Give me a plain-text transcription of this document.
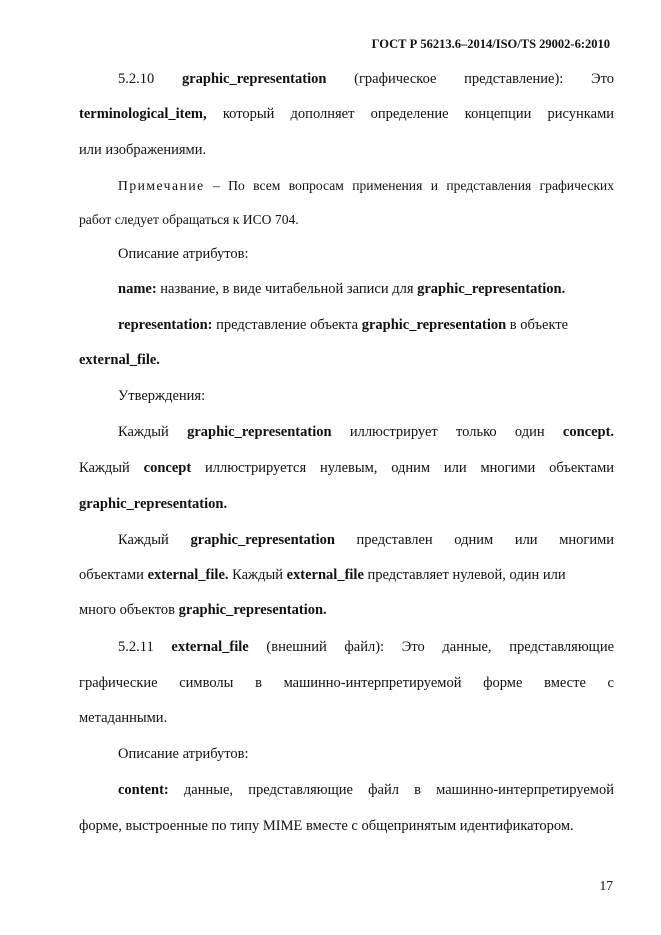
ГОСТ Р 56213.6–2014/ISO/TS 29002-6:2010
5.2.10 graphic_representation (графическое представление): Это
terminological_item, который дополняет определение концепции рисунками
или изображениями.
Примечание – По всем вопросам применения и представления графических
работ следует обращаться к ИСО 704.
Описание атрибутов:
name: название, в виде читабельной записи для graphic_representation.
representation: представление объекта graphic_representation в объекте
external_file.
Утверждения:
Каждый graphic_representation иллюстрирует только один concept.
Каждый concept иллюстрируется нулевым, одним или многими объектами
graphic_representation.
Каждый graphic_representation представлен одним или многими
объектами external_file. Каждый external_file представляет нулевой, один или
много объектов graphic_representation.
5.2.11 external_file (внешний файл): Это данные, представляющие
графические символы в машинно-интерпретируемой форме вместе с
метаданными.
Описание атрибутов:
content: данные, представляющие файл в машинно-интерпретируемой
форме, выстроенные по типу MIME вместе с общепринятым идентификатором.
17
